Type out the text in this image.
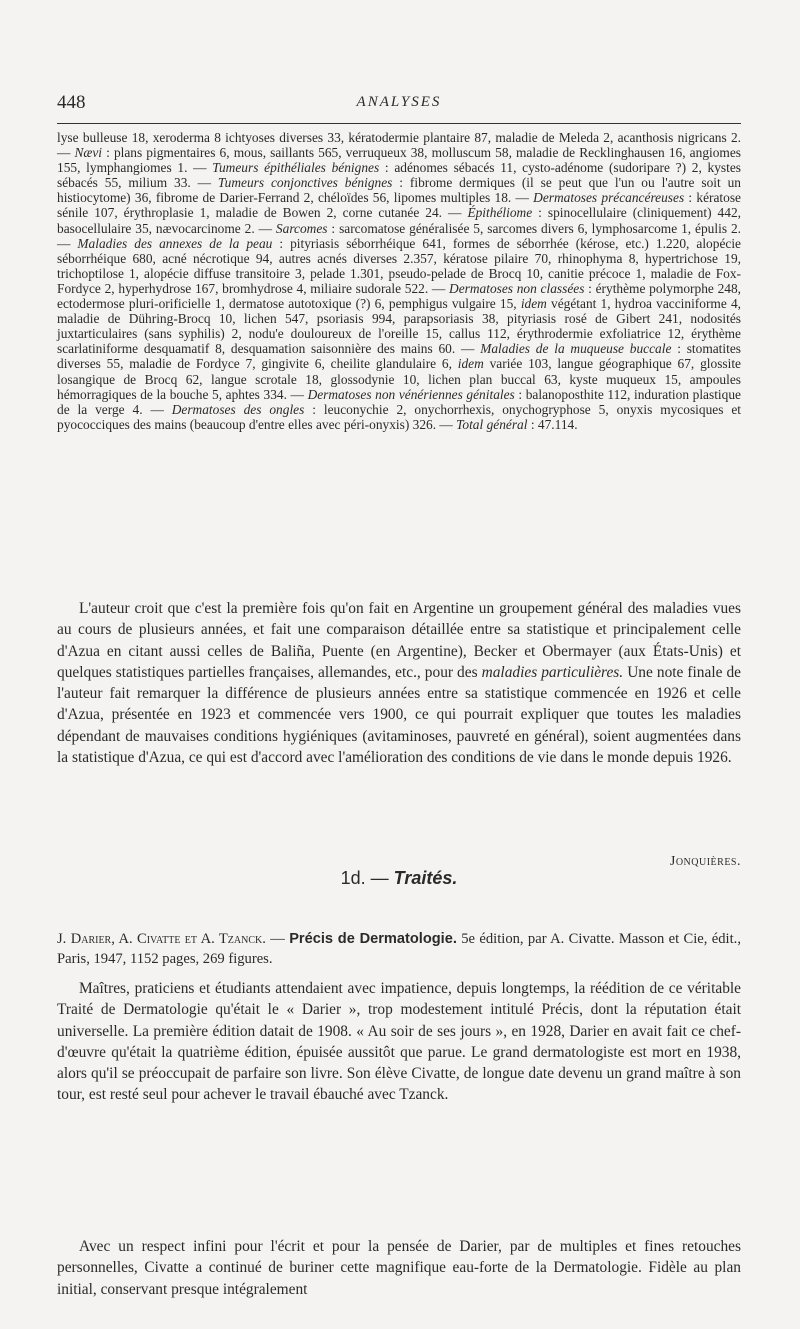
448	ANALYSES
lyse bulleuse 18, xeroderma 8 ichtyoses diverses 33, kératodermie plantaire 87, maladie de Meleda 2, acanthosis nigricans 2. — Nævi : plans pigmentaires 6, mous, saillants 565, verruqueux 38, molluscum 58, maladie de Recklinghausen 16, angiomes 155, lymphangiomes 1. — Tumeurs épithéliales bénignes : adénomes sébacés 11, cysto-adénome (sudoripare ?) 2, kystes sébacés 55, milium 33. — Tumeurs conjonctives bénignes : fibrome dermiques (il se peut que l'un ou l'autre soit un histiocytome) 36, fibrome de Darier-Ferrand 2, chéloïdes 56, lipomes multiples 18. — Dermatoses précancéreuses : kératose sénile 107, érythroplasie 1, maladie de Bowen 2, corne cutanée 24. — Épithéliome : spinocellulaire (cliniquement) 442, basocellulaire 35, nævocarcinome 2. — Sarcomes : sarcomatose généralisée 5, sarcomes divers 6, lymphosarcome 1, épulis 2. — Maladies des annexes de la peau : pityriasis séborrhéique 641, formes de séborrhée (kérose, etc.) 1.220, alopécie séborrhéique 680, acné nécrotique 94, autres acnés diverses 2.357, kératose pilaire 70, rhinophyma 8, hypertrichose 19, trichoptilose 1, alopécie diffuse transitoire 3, pelade 1.301, pseudo-pelade de Brocq 10, canitie précoce 1, maladie de Fox-Fordyce 2, hyperhydrose 167, bromhydrose 4, miliaire sudorale 522. — Dermatoses non classées : érythème polymorphe 248, ectodermose pluri-orificielle 1, dermatose autotoxique (?) 6, pemphigus vulgaire 15, idem végétant 1, hydroa vacciniforme 4, maladie de Dühring-Brocq 10, lichen 547, psoriasis 994, parapsoriasis 38, pityriasis rosé de Gibert 241, nodosités juxtarticulaires (sans syphilis) 2, nodu'e douloureux de l'oreille 15, callus 112, érythrodermie exfoliatrice 12, érythème scarlatiniforme desquamatif 8, desquamation saisonnière des mains 60. — Maladies de la muqueuse buccale : stomatites diverses 55, maladie de Fordyce 7, gingivite 6, cheilite glandulaire 6, idem variée 103, langue géographique 67, glossite losangique de Brocq 62, langue scrotale 18, glossodynie 10, lichen plan buccal 63, kyste muqueux 15, ampoules hémorragiques de la bouche 5, aphtes 334. — Dermatoses non vénériennes génitales : balanoposthite 112, induration plastique de la verge 4. — Dermatoses des ongles : leuconychie 2, onychorrhexis, onychogryphose 5, onyxis mycosiques et pyococciques des mains (beaucoup d'entre elles avec péri-onyxis) 326. — Total général : 47.114.
L'auteur croit que c'est la première fois qu'on fait en Argentine un groupement général des maladies vues au cours de plusieurs années, et fait une comparaison détaillée entre sa statistique et principalement celle d'Azua en citant aussi celles de Baliña, Puente (en Argentine), Becker et Obermayer (aux États-Unis) et quelques statistiques partielles françaises, allemandes, etc., pour des maladies particulières. Une note finale de l'auteur fait remarquer la différence de plusieurs années entre sa statistique commencée en 1926 et celle d'Azua, présentée en 1923 et commencée vers 1900, ce qui pourrait expliquer que toutes les maladies dépendant de mauvaises conditions hygiéniques (avitaminoses, pauvreté en général), soient augmentées dans la statistique d'Azua, ce qui est d'accord avec l'amélioration des conditions de vie dans le monde depuis 1926.
Jonquières.
1d. — Traités.
J. Darier, A. Civatte et A. Tzanck. — Précis de Dermatologie. 5e édition, par A. Civatte. Masson et Cie, édit., Paris, 1947, 1152 pages, 269 figures.
Maîtres, praticiens et étudiants attendaient avec impatience, depuis longtemps, la réédition de ce véritable Traité de Dermatologie qu'était le « Darier », trop modestement intitulé Précis, dont la réputation était universelle. La première édition datait de 1908. « Au soir de ses jours », en 1928, Darier en avait fait ce chef-d'œuvre qu'était la quatrième édition, épuisée aussitôt que parue. Le grand dermatologiste est mort en 1938, alors qu'il se préoccupait de parfaire son livre. Son élève Civatte, de longue date devenu un grand maître à son tour, est resté seul pour achever le travail ébauché avec Tzanck.
Avec un respect infini pour l'écrit et pour la pensée de Darier, par de multiples et fines retouches personnelles, Civatte a continué de buriner cette magnifique eau-forte de la Dermatologie. Fidèle au plan initial, conservant presque intégralement
